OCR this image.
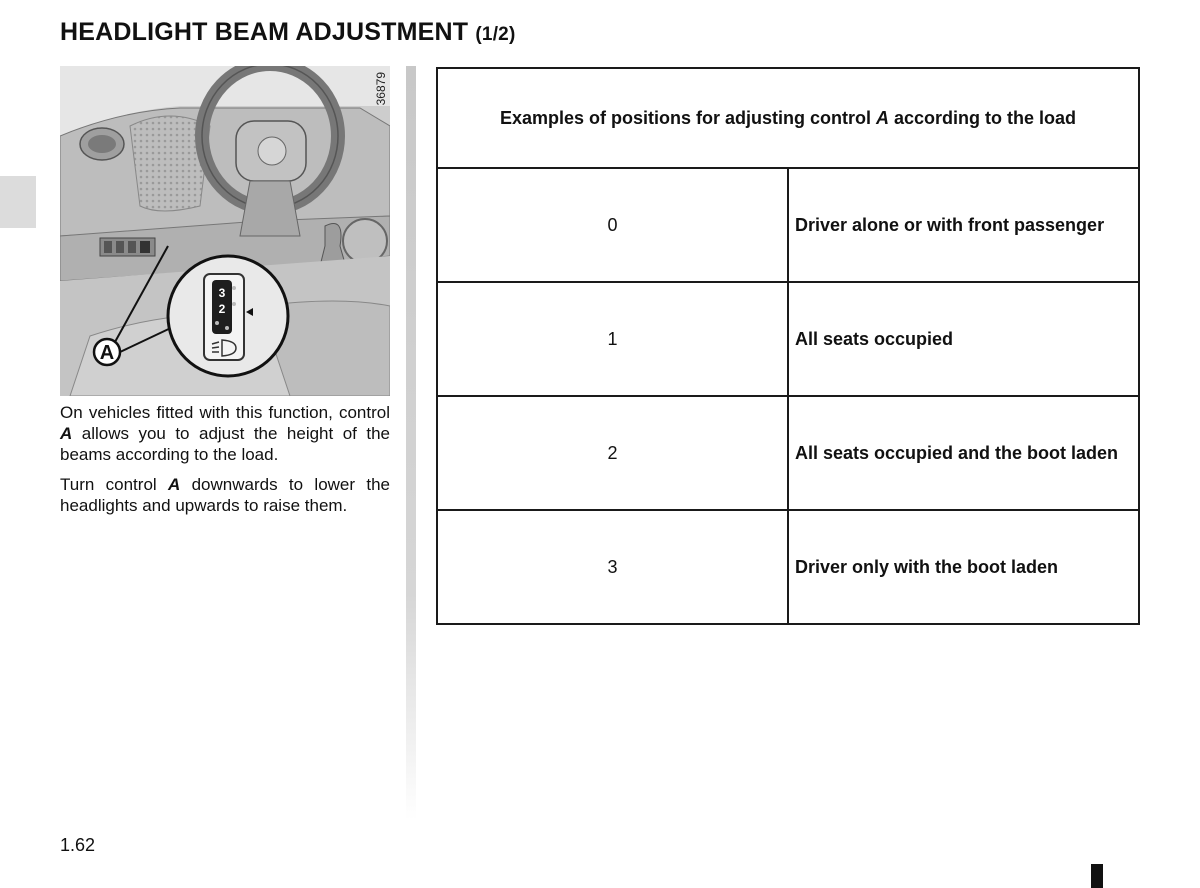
HEADLIGHT BEAM ADJUSTMENT (1/2)
3
2
A
36879
On vehicles fitted with this function, control A allows you to adjust the height of the beams according to the load.
Turn control A downwards to lower the headlights and upwards to raise them.
Examples of positions for adjusting control A according to the load	
0	Driver alone or with front passenger
1	All seats occupied
2	All seats occupied and the boot laden
3	Driver only with the boot laden
1.62
